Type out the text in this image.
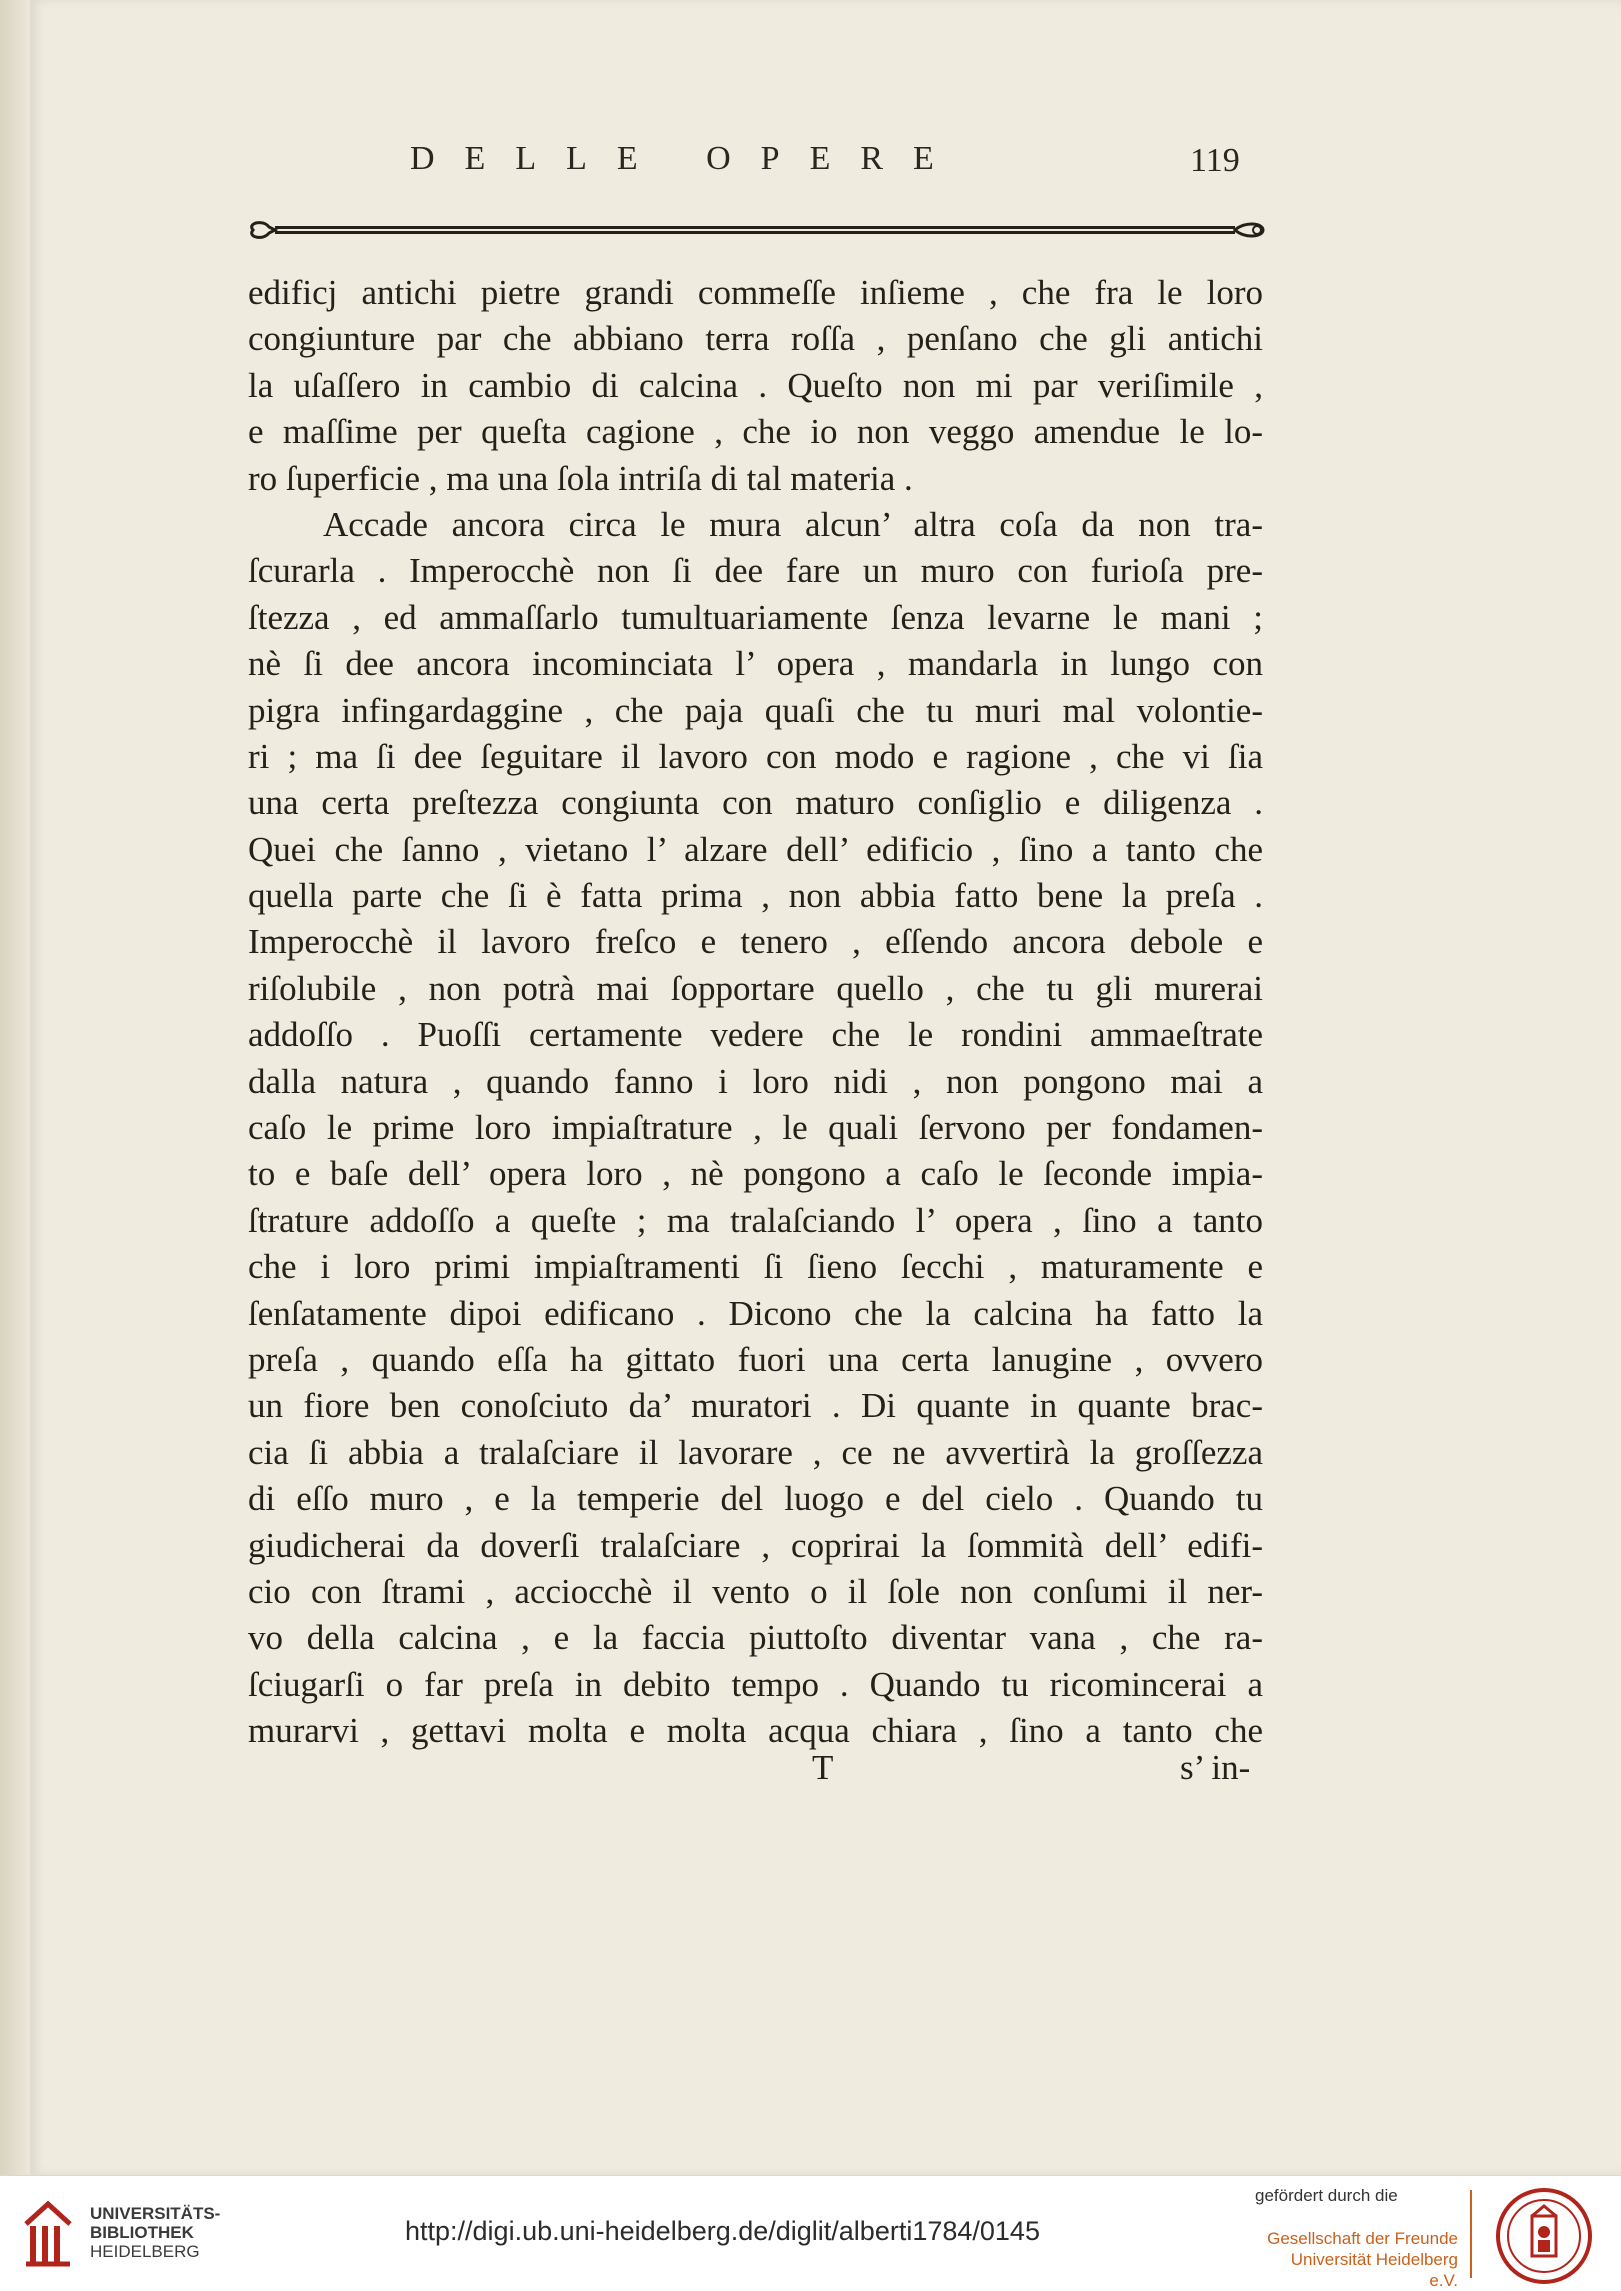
DELLE OPERE	119
edificj antichi pietre grandi commeſſe inſieme , che fra le loro
congiunture par che abbiano terra roſſa , penſano che gli antichi
la uſaſſero in cambio di calcina . Queſto non mi par veriſimile ,
e maſſime per queſta cagione , che io non veggo amendue le lo-
ro ſuperficie , ma una ſola intriſa di tal materia .
Accade ancora circa le mura alcun’ altra coſa da non tra-
ſcurarla . Imperocchè non ſi dee fare un muro con furioſa pre-
ſtezza , ed ammaſſarlo tumultuariamente ſenza levarne le mani ;
nè ſi dee ancora incominciata l’ opera , mandarla in lungo con
pigra infingardaggine , che paja quaſi che tu muri mal volontie-
ri ; ma ſi dee ſeguitare il lavoro con modo e ragione , che vi ſia
una certa preſtezza congiunta con maturo conſiglio e diligenza .
Quei che ſanno , vietano l’ alzare dell’ edificio , ſino a tanto che
quella parte che ſi è fatta prima , non abbia fatto bene la preſa .
Imperocchè il lavoro freſco e tenero , eſſendo ancora debole e
riſolubile , non potrà mai ſopportare quello , che tu gli murerai
addoſſo . Puoſſi certamente vedere che le rondini ammaeſtrate
dalla natura , quando fanno i loro nidi , non pongono mai a
caſo le prime loro impiaſtrature , le quali ſervono per fondamen-
to e baſe dell’ opera loro , nè pongono a caſo le ſeconde impia-
ſtrature addoſſo a queſte ; ma tralaſciando l’ opera , ſino a tanto
che i loro primi impiaſtramenti ſi ſieno ſecchi , maturamente e
ſenſatamente dipoi edificano . Dicono che la calcina ha fatto la
preſa , quando eſſa ha gittato fuori una certa lanugine , ovvero
un fiore ben conoſciuto da’ muratori . Di quante in quante brac-
cia ſi abbia a tralaſciare il lavorare , ce ne avvertirà la groſſezza
di eſſo muro , e la temperie del luogo e del cielo . Quando tu
giudicherai da doverſi tralaſciare , coprirai la ſommità dell’ edifi-
cio con ſtrami , acciocchè il vento o il ſole non conſumi il ner-
vo della calcina , e la faccia piuttoſto diventar vana , che ra-
ſciugarſi o far preſa in debito tempo . Quando tu ricomincerai a
murarvi , gettavi molta e molta acqua chiara , ſino a tanto che
T	s’ in-
UNIVERSITÄTS-
BIBLIOTHEK
HEIDELBERG
http://digi.ub.uni-heidelberg.de/diglit/alberti1784/0145
gefördert durch die
Gesellschaft der Freunde
Universität Heidelberg e.V.
